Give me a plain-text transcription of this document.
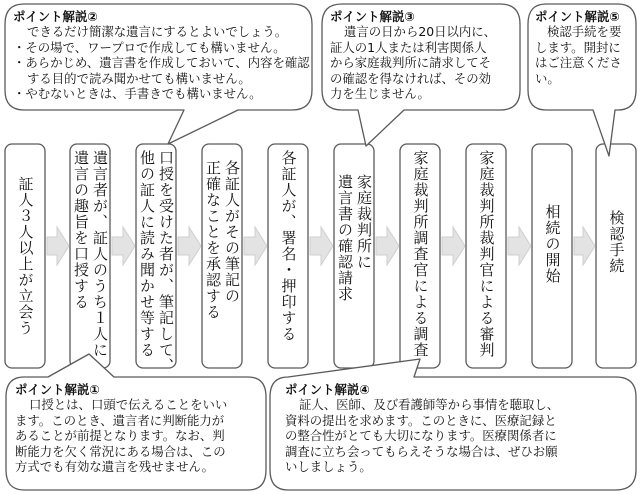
ポイント解説②
できるだけ簡潔な遺言にするとよいでしょう。
・その場で、ワープロで作成しても構いません。
・あらかじめ、遺言書を作成しておいて、内容を確認する目的で読み聞かせても構いません。
・やむないときは、手書きでも構いません。
ポイント解説③
遺言の日から20日以内に、
証人の1人または利害関係人
から家庭裁判所に請求してそ
の確認を得なければ、その効
力を生じません。
ポイント解説⑤
検認手続を要
します。開封に
はご注意くださ
い。
ポイント解説①
口授とは、口頭で伝えることをいい
ます。このとき、遺言者に判断能力が
あることが前提となります。なお、判
断能力を欠く常況にある場合は、この
方式でも有効な遺言を残せません。
ポイント解説④
証人、医師、及び看護師等から事情を聴取し、
資料の提出を求めます。このときに、医療記録と
の整合性がとても大切になります。医療関係者に
調査に立ち会ってもらえそうな場合は、ぜひお願
いしましょう。
証人３人以上が立会う	遺言者が、証人のうち１人に
遺言の趣旨を口授する	口授を受けた者が、筆記して、
他の証人に読み聞かせ等する	各証人がその筆記の
正確なことを承認する	各証人が、署名・押印する	家庭裁判所に
遺言書の確認請求	家庭裁判所調査官による調査	家庭裁判所裁判官による審判	相続の開始	検認手続
